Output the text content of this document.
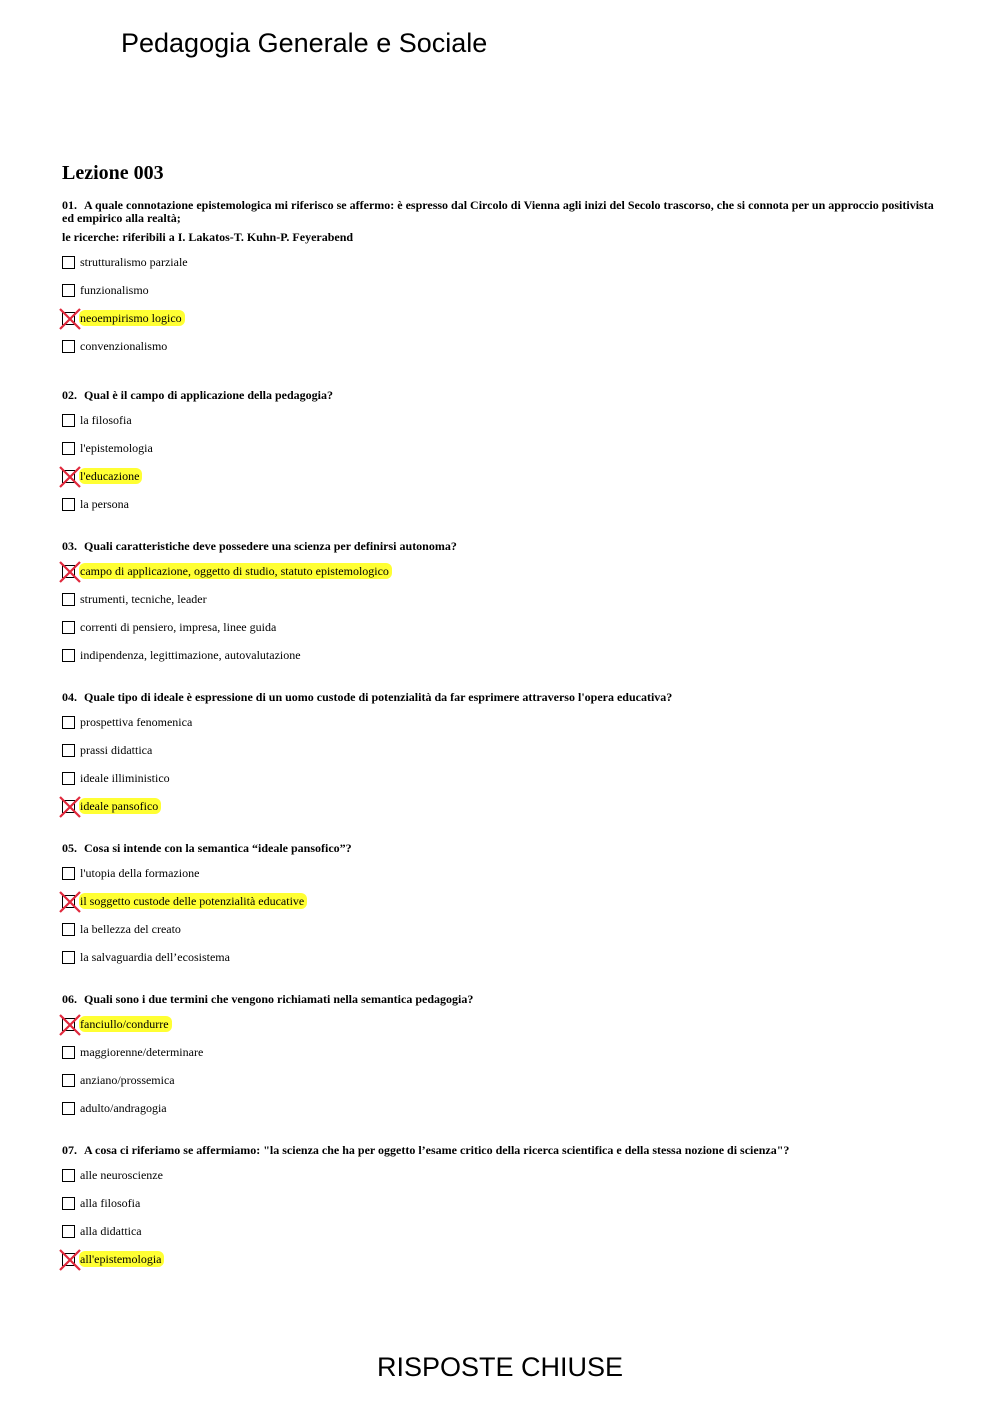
Pedagogia Generale e Sociale
Lezione 003

01. A quale connotazione epistemologica mi riferisco se affermo: è espresso dal Circolo di Vienna agli inizi del Secolo trascorso, che si connota per un approccio positivista ed empirico alla realtà;

le ricerche: riferibili a I. Lakatos-T. Kuhn-P. Feyerabend

strutturalismo parziale
funzionalismo
neoempirismo logico
convenzionalismo

02. Qual è il campo di applicazione della pedagogia?

la filosofia
l'epistemologia
l'educazione
la persona

03. Quali caratteristiche deve possedere una scienza per definirsi autonoma?

campo di applicazione, oggetto di studio, statuto epistemologico
strumenti, tecniche, leader
correnti di pensiero, impresa, linee guida
indipendenza, legittimazione, autovalutazione

04. Quale tipo di ideale è espressione di un uomo custode di potenzialità da far esprimere attraverso l'opera educativa?

prospettiva fenomenica
prassi didattica
ideale illiministico
ideale pansofico

05. Cosa si intende con la semantica “ideale pansofico”?

l'utopia della formazione
il soggetto custode delle potenzialità educative
la bellezza del creato
la salvaguardia dell’ecosistema

06. Quali sono i due termini che vengono richiamati nella semantica pedagogia?

fanciullo/condurre
maggiorenne/determinare
anziano/prossemica
adulto/andragogia

07. A cosa ci riferiamo se affermiamo: "la scienza che ha per oggetto l’esame critico della ricerca scientifica e della stessa nozione di scienza"?

alle neuroscienze
alla filosofia
alla didattica
all'epistemologia

RISPOSTE CHIUSE
